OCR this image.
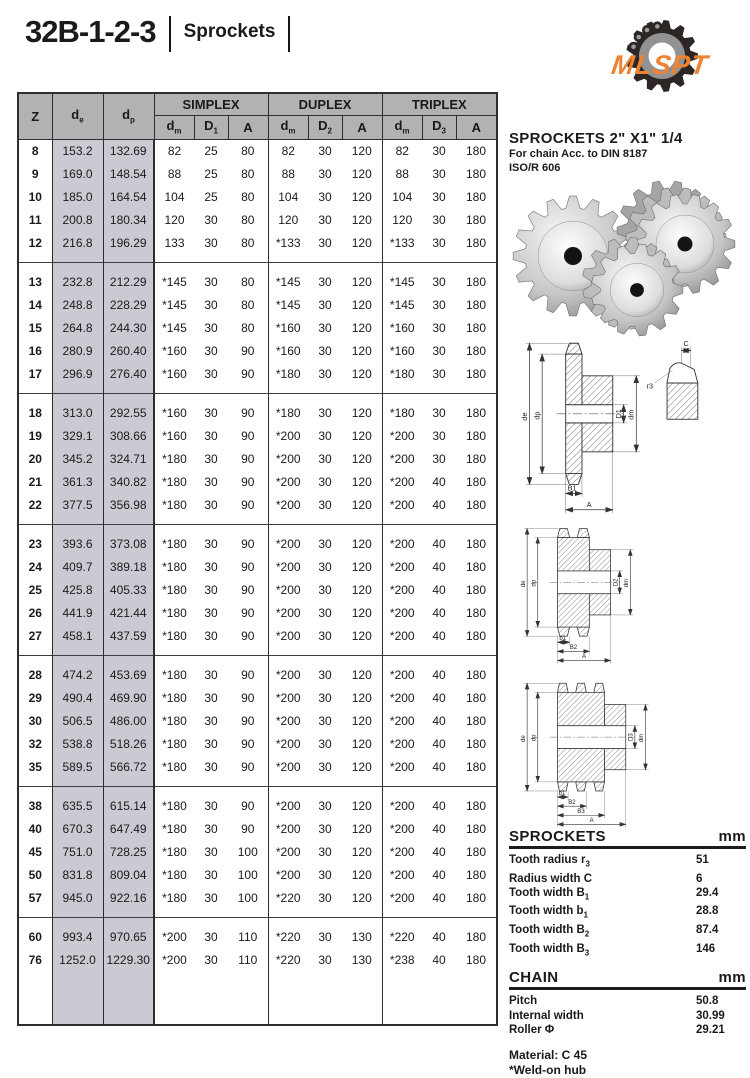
32B-1-2-3 Sprockets
MLSPT
Z	$d_e$	$d_p$	SIMPLEX			DUPLEX			TRIPLEX		
			$d_m$	$D_1$	A	$d_m$	$D_2$	A	$d_m$	$D_3$	A
8	153.2	132.69	82	25	80	82	30	120	82	30	180
9	169.0	148.54	88	25	80	88	30	120	88	30	180
10	185.0	164.54	104	25	80	104	30	120	104	30	180
11	200.8	180.34	120	30	80	120	30	120	120	30	180
12	216.8	196.29	133	30	80	*133	30	120	*133	30	180

13	232.8	212.29	*145	30	80	*145	30	120	*145	30	180
14	248.8	228.29	*145	30	80	*145	30	120	*145	30	180
15	264.8	244.30	*145	30	80	*160	30	120	*160	30	180
16	280.9	260.40	*160	30	90	*160	30	120	*160	30	180
17	296.9	276.40	*160	30	90	*180	30	120	*180	30	180

18	313.0	292.55	*160	30	90	*180	30	120	*180	30	180
19	329.1	308.66	*160	30	90	*200	30	120	*200	30	180
20	345.2	324.71	*180	30	90	*200	30	120	*200	30	180
21	361.3	340.82	*180	30	90	*200	30	120	*200	40	180
22	377.5	356.98	*180	30	90	*200	30	120	*200	40	180

23	393.6	373.08	*180	30	90	*200	30	120	*200	40	180
24	409.7	389.18	*180	30	90	*200	30	120	*200	40	180
25	425.8	405.33	*180	30	90	*200	30	120	*200	40	180
26	441.9	421.44	*180	30	90	*200	30	120	*200	40	180
27	458.1	437.59	*180	30	90	*200	30	120	*200	40	180

28	474.2	453.69	*180	30	90	*200	30	120	*200	40	180
29	490.4	469.90	*180	30	90	*200	30	120	*200	40	180
30	506.5	486.00	*180	30	90	*200	30	120	*200	40	180
32	538.8	518.26	*180	30	90	*200	30	120	*200	40	180
35	589.5	566.72	*180	30	90	*200	30	120	*200	40	180

38	635.5	615.14	*180	30	90	*200	30	120	*200	40	180
40	670.3	647.49	*180	30	90	*200	30	120	*200	40	180
45	751.0	728.25	*180	30	100	*200	30	120	*200	40	180
50	831.8	809.04	*180	30	100	*200	30	120	*200	40	180
57	945.0	922.16	*180	30	100	*220	30	120	*200	40	180

60	993.4	970.65	*200	30	110	*220	30	130	*220	40	180
76	1252.0	1229.30	*200	30	110	*220	30	130	*238	40	180

SPROCKETS 2" X1" 1/4
For chain Acc. to DIN 8187
ISO/R 606
de dp	D1 dm
B1
A
C
r3
de dp	D2 dm
b1
B2
A
de dp	D3 dm
b1
B2
B3
A
SPROCKETS	mm
Tooth radius $r_3$	51
Radius width C	6
Tooth width $B_1$	29.4
Tooth width $b_1$	28.8
Tooth width $B_2$	87.4
Tooth width $B_3$	146
CHAIN	mm
Pitch	50.8
Internal width	30.99
Roller Φ	29.21
Material: C 45
*Weld-on hub
